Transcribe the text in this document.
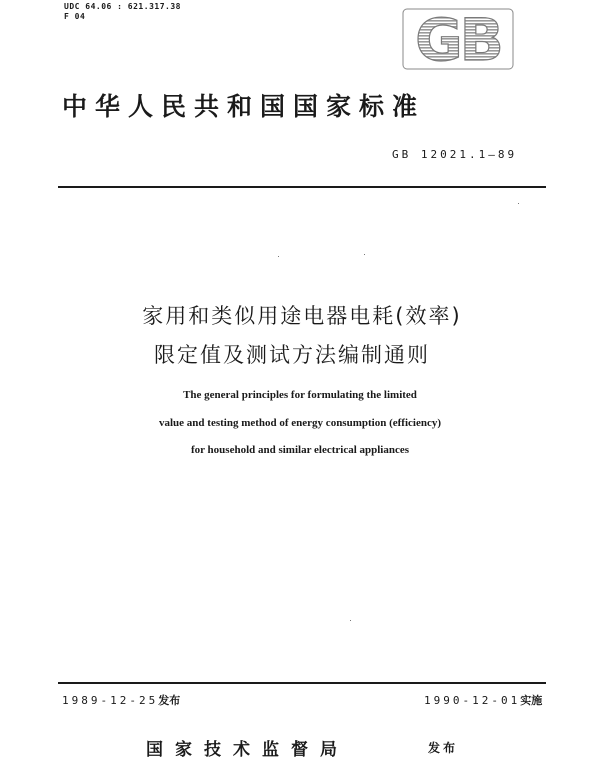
UDC 64.06 : 621.317.38
F 04	GB
中华人民共和国国家标准
GB 12021.1—89
家用和类似用途电器电耗(效率)
限定值及测试方法编制通则
The general principles for formulating the limited
value and testing method of energy consumption (efficiency)
for household and similar electrical appliances
1989-12-25发布	1990-12-01实施
国家技术监督局	发布
